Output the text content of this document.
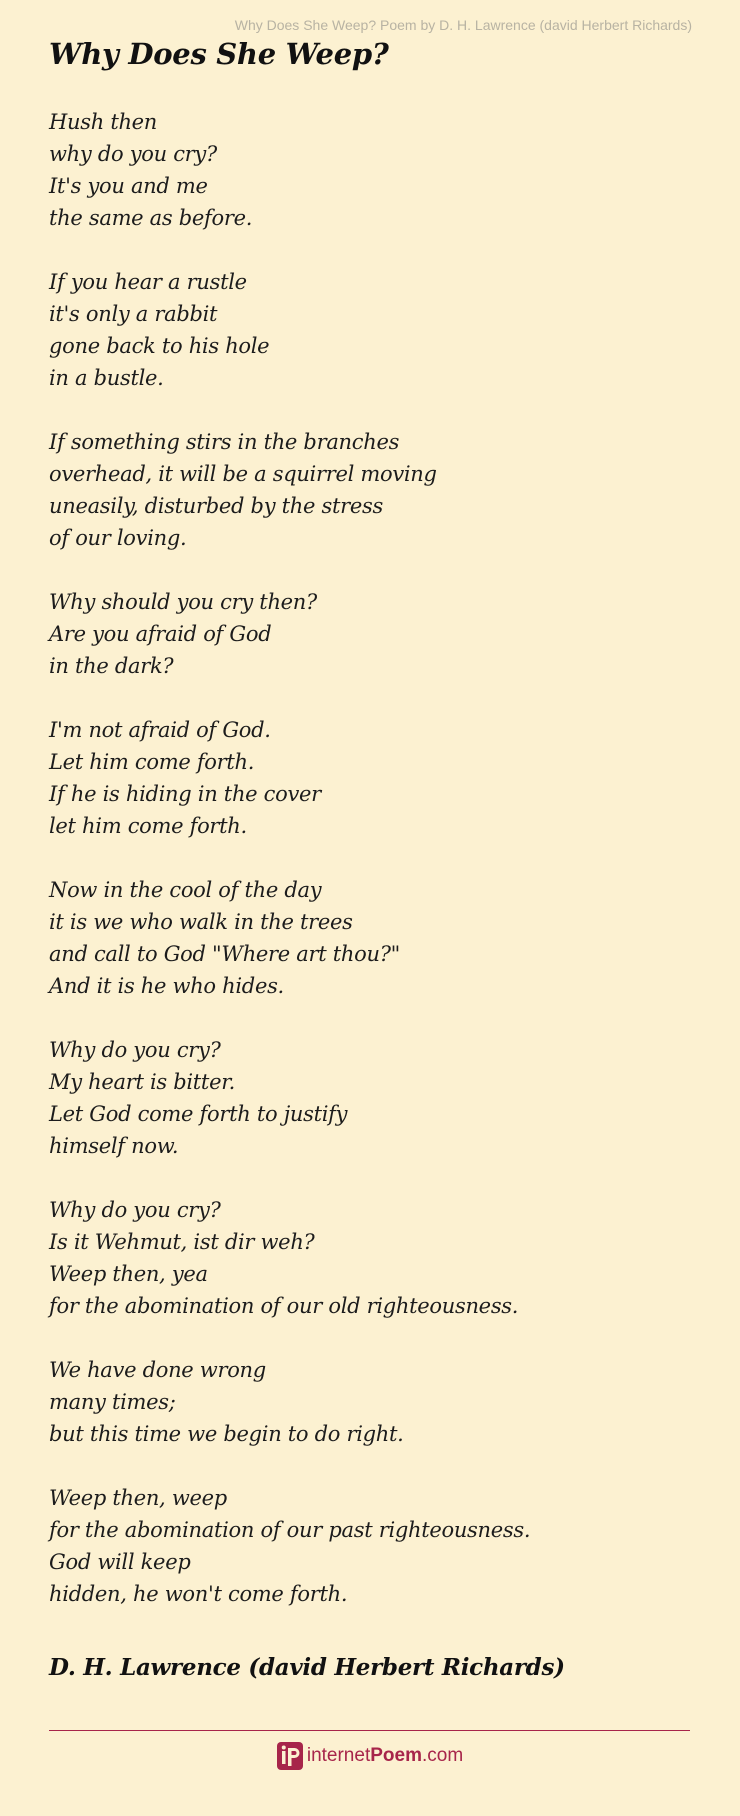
Why Does She Weep? Poem by D. H. Lawrence (david Herbert Richards)
Why Does She Weep?

Hush then
why do you cry?
It's you and me
the same as before.

If you hear a rustle
it's only a rabbit
gone back to his hole
in a bustle.

If something stirs in the branches
overhead, it will be a squirrel moving
uneasily, disturbed by the stress
of our loving.

Why should you cry then?
Are you afraid of God
in the dark?

I'm not afraid of God.
Let him come forth.
If he is hiding in the cover
let him come forth.

Now in the cool of the day
it is we who walk in the trees
and call to God "Where art thou?"
And it is he who hides.

Why do you cry?
My heart is bitter.
Let God come forth to justify
himself now.

Why do you cry?
Is it Wehmut, ist dir weh?
Weep then, yea
for the abomination of our old righteousness.

We have done wrong
many times;
but this time we begin to do right.

Weep then, weep
for the abomination of our past righteousness.
God will keep
hidden, he won't come forth.

D. H. Lawrence (david Herbert Richards)
internetPoem.com
